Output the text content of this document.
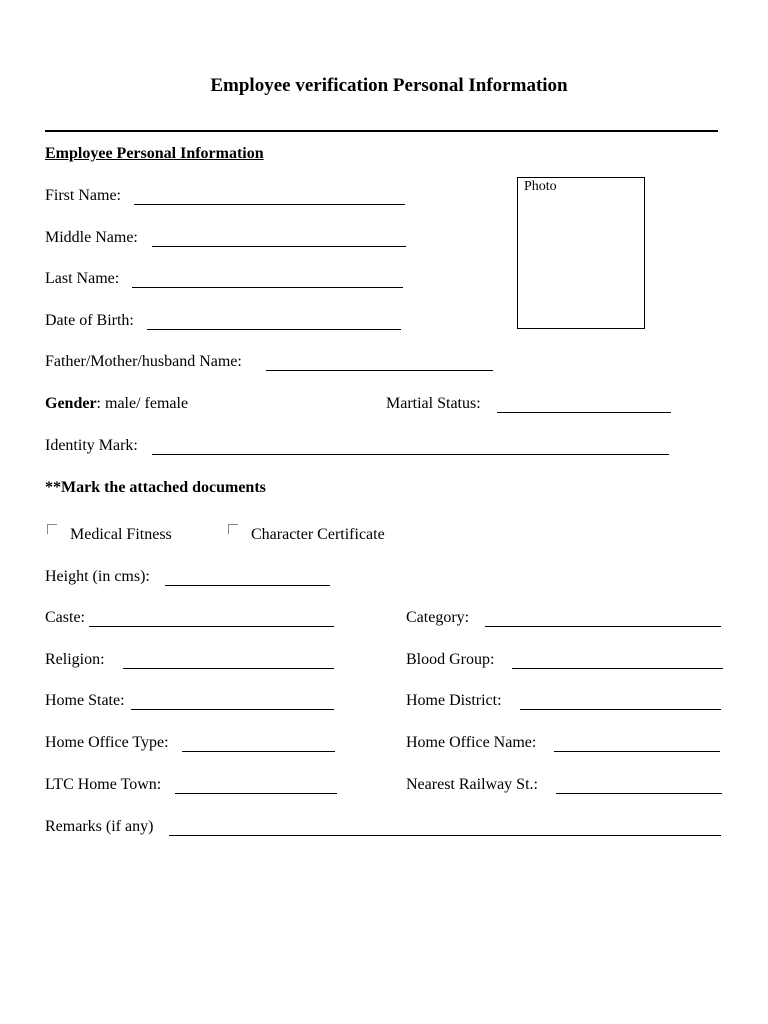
Employee verification Personal Information
Employee Personal Information
Photo
First Name:
Middle Name:
Last Name:
Date of Birth:
Father/Mother/husband Name:
Gender: male/ female	Martial Status:
Identity Mark:
**Mark the attached documents
Medical Fitness	Character Certificate
Height (in cms):
Caste:	Category:
Religion:	Blood Group:
Home State:	Home District:
Home Office Type:	Home Office Name:
LTC Home Town:	Nearest Railway St.:
Remarks (if any)
